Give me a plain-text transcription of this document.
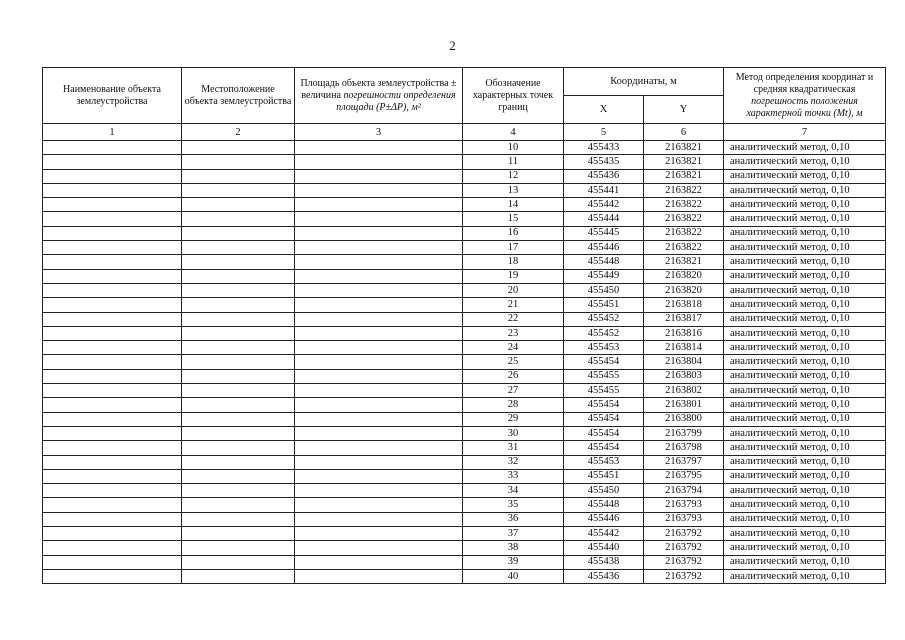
2
Наименование объекта землеустройства	Местоположение объекта землеустройства	Площадь объекта землеустройства ± величина погрешности определения площади (P±ΔP), м²	Обозначение характерных точек границ	Координаты, м		Метод определения координат и средняя квадратическая погрешность положения характерной точки (Mt), м
				X	Y	
1	2	3	4	5	6	7
			10	455433	2163821	аналитический метод, 0,10
			11	455435	2163821	аналитический метод, 0,10
			12	455436	2163821	аналитический метод, 0,10
			13	455441	2163822	аналитический метод, 0,10
			14	455442	2163822	аналитический метод, 0,10
			15	455444	2163822	аналитический метод, 0,10
			16	455445	2163822	аналитический метод, 0,10
			17	455446	2163822	аналитический метод, 0,10
			18	455448	2163821	аналитический метод, 0,10
			19	455449	2163820	аналитический метод, 0,10
			20	455450	2163820	аналитический метод, 0,10
			21	455451	2163818	аналитический метод, 0,10
			22	455452	2163817	аналитический метод, 0,10
			23	455452	2163816	аналитический метод, 0,10
			24	455453	2163814	аналитический метод, 0,10
			25	455454	2163804	аналитический метод, 0,10
			26	455455	2163803	аналитический метод, 0,10
			27	455455	2163802	аналитический метод, 0,10
			28	455454	2163801	аналитический метод, 0,10
			29	455454	2163800	аналитический метод, 0,10
			30	455454	2163799	аналитический метод, 0,10
			31	455454	2163798	аналитический метод, 0,10
			32	455453	2163797	аналитический метод, 0,10
			33	455451	2163795	аналитический метод, 0,10
			34	455450	2163794	аналитический метод, 0,10
			35	455448	2163793	аналитический метод, 0,10
			36	455446	2163793	аналитический метод, 0,10
			37	455442	2163792	аналитический метод, 0,10
			38	455440	2163792	аналитический метод, 0,10
			39	455438	2163792	аналитический метод, 0,10
			40	455436	2163792	аналитический метод, 0,10
